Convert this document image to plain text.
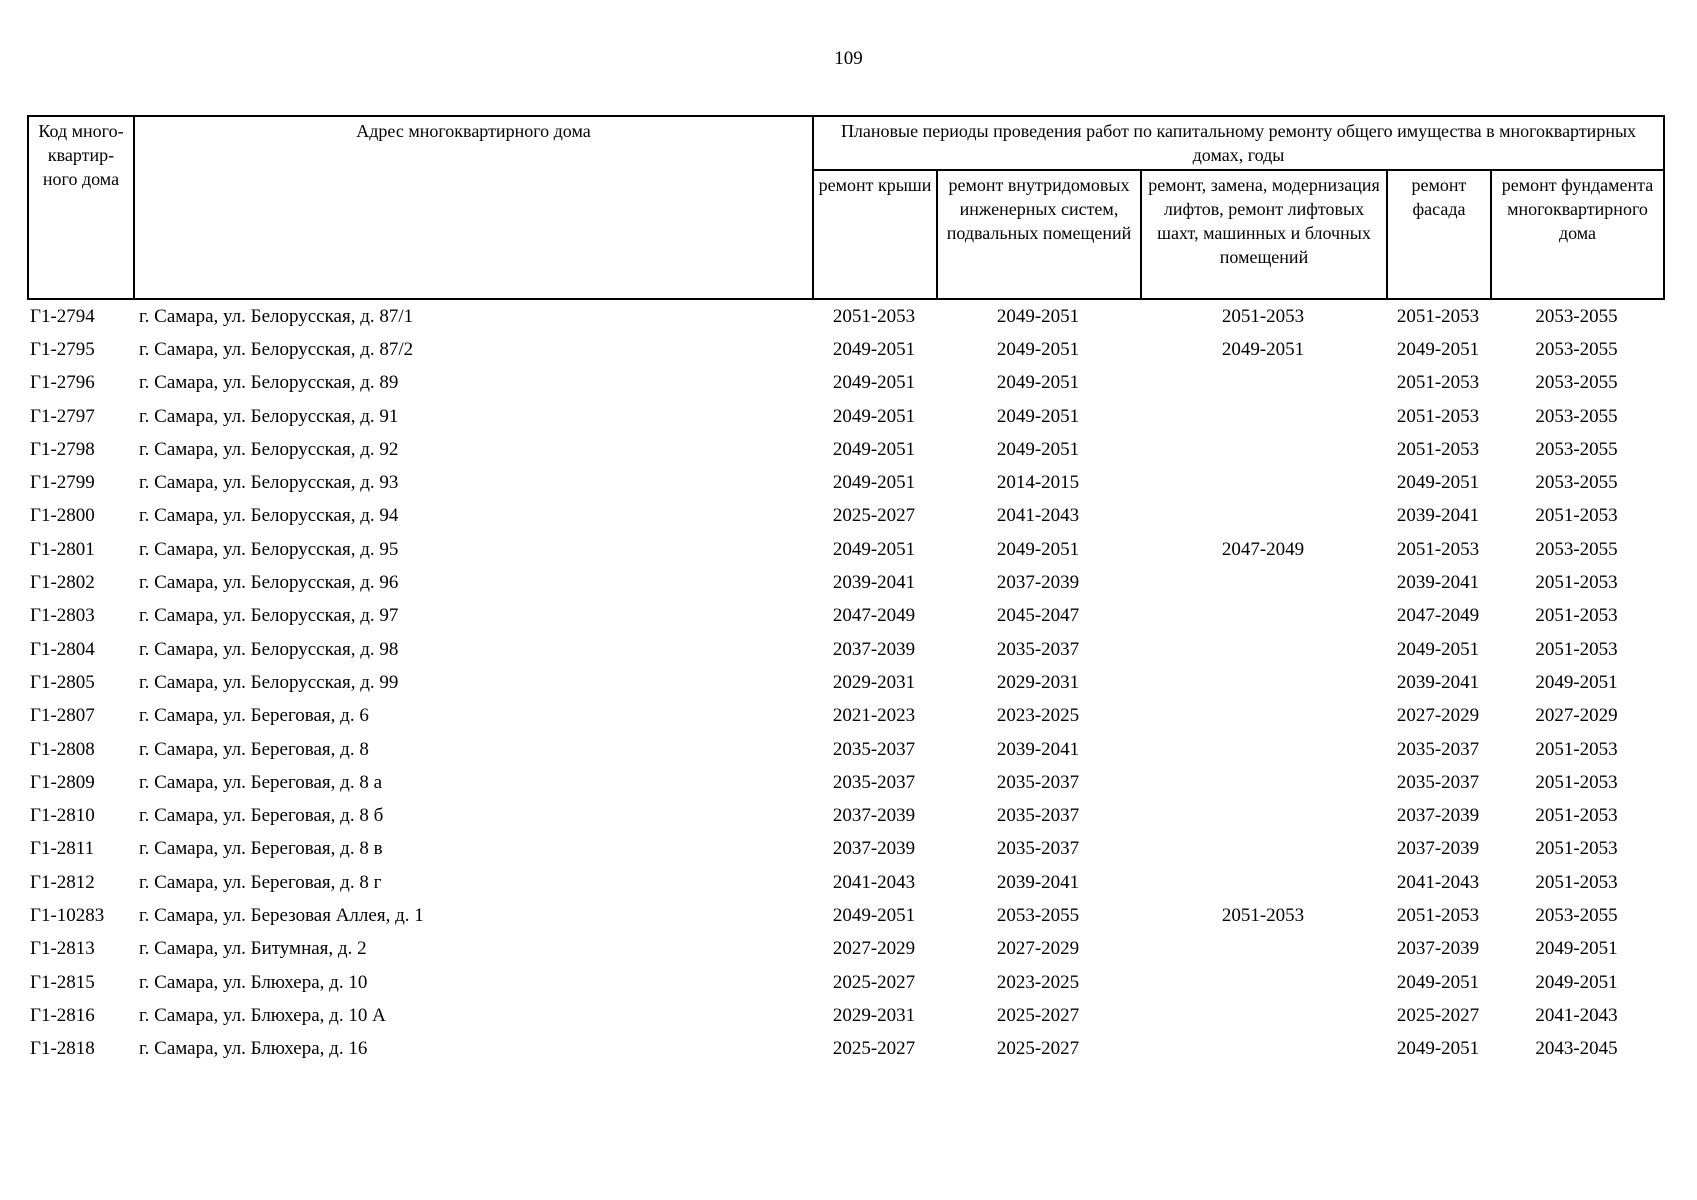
109
Код много-квартир-ного дома	Адрес многоквартирного дома	Плановые периоды проведения работ по капитальному ремонту общего имущества в многоквартирных домах, годы				
		ремонт крыши	ремонт внутридомовых инженерных систем, подвальных помещений	ремонт, замена, модернизация лифтов, ремонт лифтовых шахт, машинных и блочных помещений	ремонт фасада	ремонт фундамента многоквартирного дома
Г1-2794	г. Самара, ул. Белорусская, д. 87/1	2051-2053	2049-2051	2051-2053	2051-2053	2053-2055
Г1-2795	г. Самара, ул. Белорусская, д. 87/2	2049-2051	2049-2051	2049-2051	2049-2051	2053-2055
Г1-2796	г. Самара, ул. Белорусская, д. 89	2049-2051	2049-2051		2051-2053	2053-2055
Г1-2797	г. Самара, ул. Белорусская, д. 91	2049-2051	2049-2051		2051-2053	2053-2055
Г1-2798	г. Самара, ул. Белорусская, д. 92	2049-2051	2049-2051		2051-2053	2053-2055
Г1-2799	г. Самара, ул. Белорусская, д. 93	2049-2051	2014-2015		2049-2051	2053-2055
Г1-2800	г. Самара, ул. Белорусская, д. 94	2025-2027	2041-2043		2039-2041	2051-2053
Г1-2801	г. Самара, ул. Белорусская, д. 95	2049-2051	2049-2051	2047-2049	2051-2053	2053-2055
Г1-2802	г. Самара, ул. Белорусская, д. 96	2039-2041	2037-2039		2039-2041	2051-2053
Г1-2803	г. Самара, ул. Белорусская, д. 97	2047-2049	2045-2047		2047-2049	2051-2053
Г1-2804	г. Самара, ул. Белорусская, д. 98	2037-2039	2035-2037		2049-2051	2051-2053
Г1-2805	г. Самара, ул. Белорусская, д. 99	2029-2031	2029-2031		2039-2041	2049-2051
Г1-2807	г. Самара, ул. Береговая, д. 6	2021-2023	2023-2025		2027-2029	2027-2029
Г1-2808	г. Самара, ул. Береговая, д. 8	2035-2037	2039-2041		2035-2037	2051-2053
Г1-2809	г. Самара, ул. Береговая, д. 8 а	2035-2037	2035-2037		2035-2037	2051-2053
Г1-2810	г. Самара, ул. Береговая, д. 8 б	2037-2039	2035-2037		2037-2039	2051-2053
Г1-2811	г. Самара, ул. Береговая, д. 8 в	2037-2039	2035-2037		2037-2039	2051-2053
Г1-2812	г. Самара, ул. Береговая, д. 8 г	2041-2043	2039-2041		2041-2043	2051-2053
Г1-10283	г. Самара, ул. Березовая Аллея, д. 1	2049-2051	2053-2055	2051-2053	2051-2053	2053-2055
Г1-2813	г. Самара, ул. Битумная, д. 2	2027-2029	2027-2029		2037-2039	2049-2051
Г1-2815	г. Самара, ул. Блюхера, д. 10	2025-2027	2023-2025		2049-2051	2049-2051
Г1-2816	г. Самара, ул. Блюхера, д. 10 А	2029-2031	2025-2027		2025-2027	2041-2043
Г1-2818	г. Самара, ул. Блюхера, д. 16	2025-2027	2025-2027		2049-2051	2043-2045
